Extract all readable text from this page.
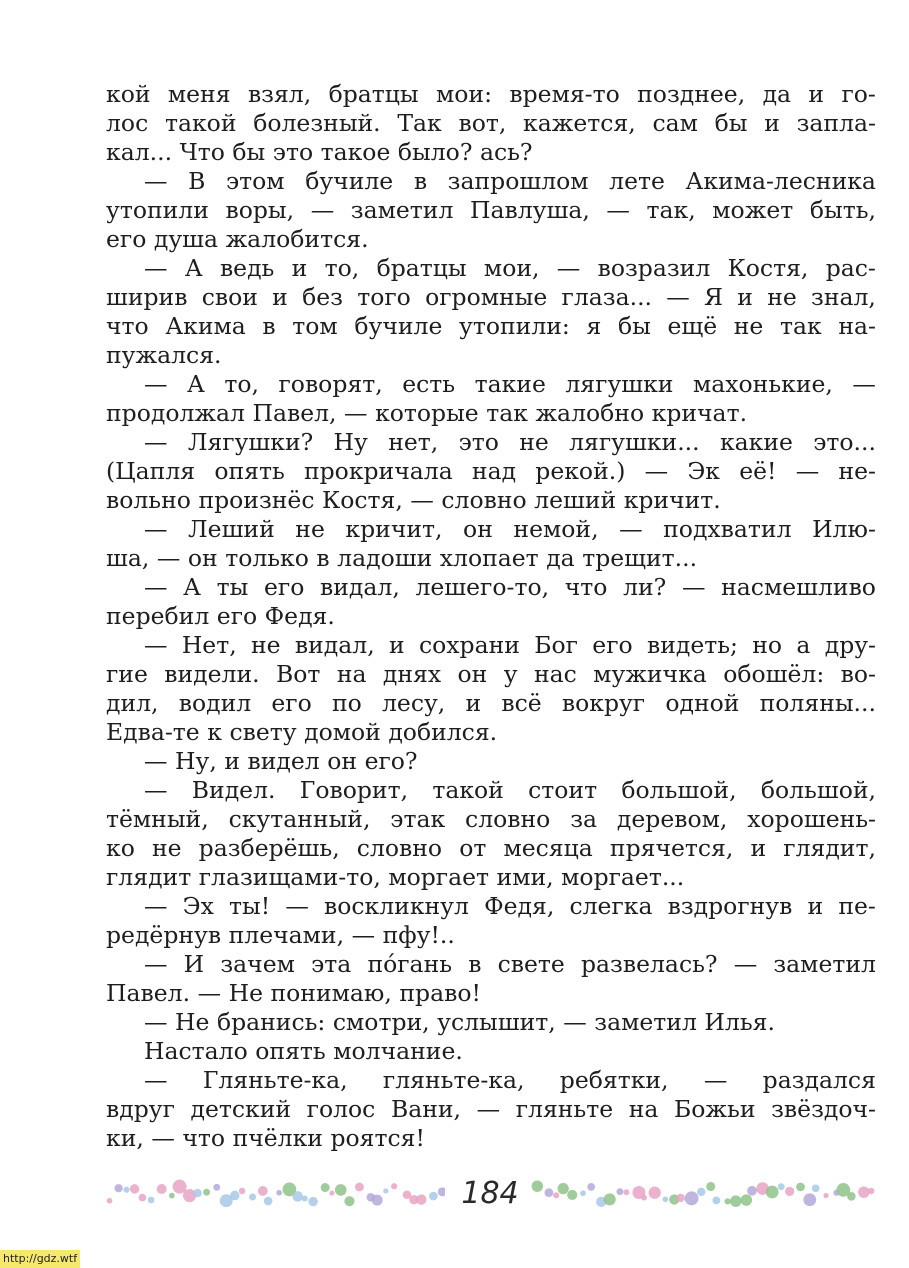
кой меня взял, братцы мои: время-то позднее, да и го-
лос такой болезный. Так вот, кажется, сам бы и запла-
кал... Что бы это такое было? ась?
— В этом бучиле в запрошлом лете Акима-лесника
утопили воры, — заметил Павлуша, — так, может быть,
его душа жалобится.
— А ведь и то, братцы мои, — возразил Костя, рас-
ширив свои и без того огромные глаза... — Я и не знал,
что Акима в том бучиле утопили: я бы ещё не так на-
пужался.
— А то, говорят, есть такие лягушки махонькие, —
продолжал Павел, — которые так жалобно кричат.
— Лягушки? Ну нет, это не лягушки... какие это...
(Цапля опять прокричала над рекой.) — Эк её! — не-
вольно произнёс Костя, — словно леший кричит.
— Леший не кричит, он немой, — подхватил Илю-
ша, — он только в ладоши хлопает да трещит...
— А ты его видал, лешего-то, что ли? — насмешливо
перебил его Федя.
— Нет, не видал, и сохрани Бог его видеть; но а дру-
гие видели. Вот на днях он у нас мужичка обошёл: во-
дил, водил его по лесу, и всё вокруг одной поляны...
Едва-те к свету домой добился.
— Ну, и видел он его?
— Видел. Говорит, такой стоит большой, большой,
тёмный, скутанный, этак словно за деревом, хорошень-
ко не разберёшь, словно от месяца прячется, и глядит,
глядит глазищами-то, моргает ими, моргает...
— Эх ты! — воскликнул Федя, слегка вздрогнув и пе-
редёрнув плечами, — пфу!..
— И зачем эта пóгань в свете развелась? — заметил
Павел. — Не понимаю, право!
— Не бранись: смотри, услышит, — заметил Илья.
Настало опять молчание.
— Гляньте-ка, гляньте-ка, ребятки, — раздался
вдруг детский голос Вани, — гляньте на Божьи звёздоч-
ки, — что пчёлки роятся!
184
http://gdz.wtf
